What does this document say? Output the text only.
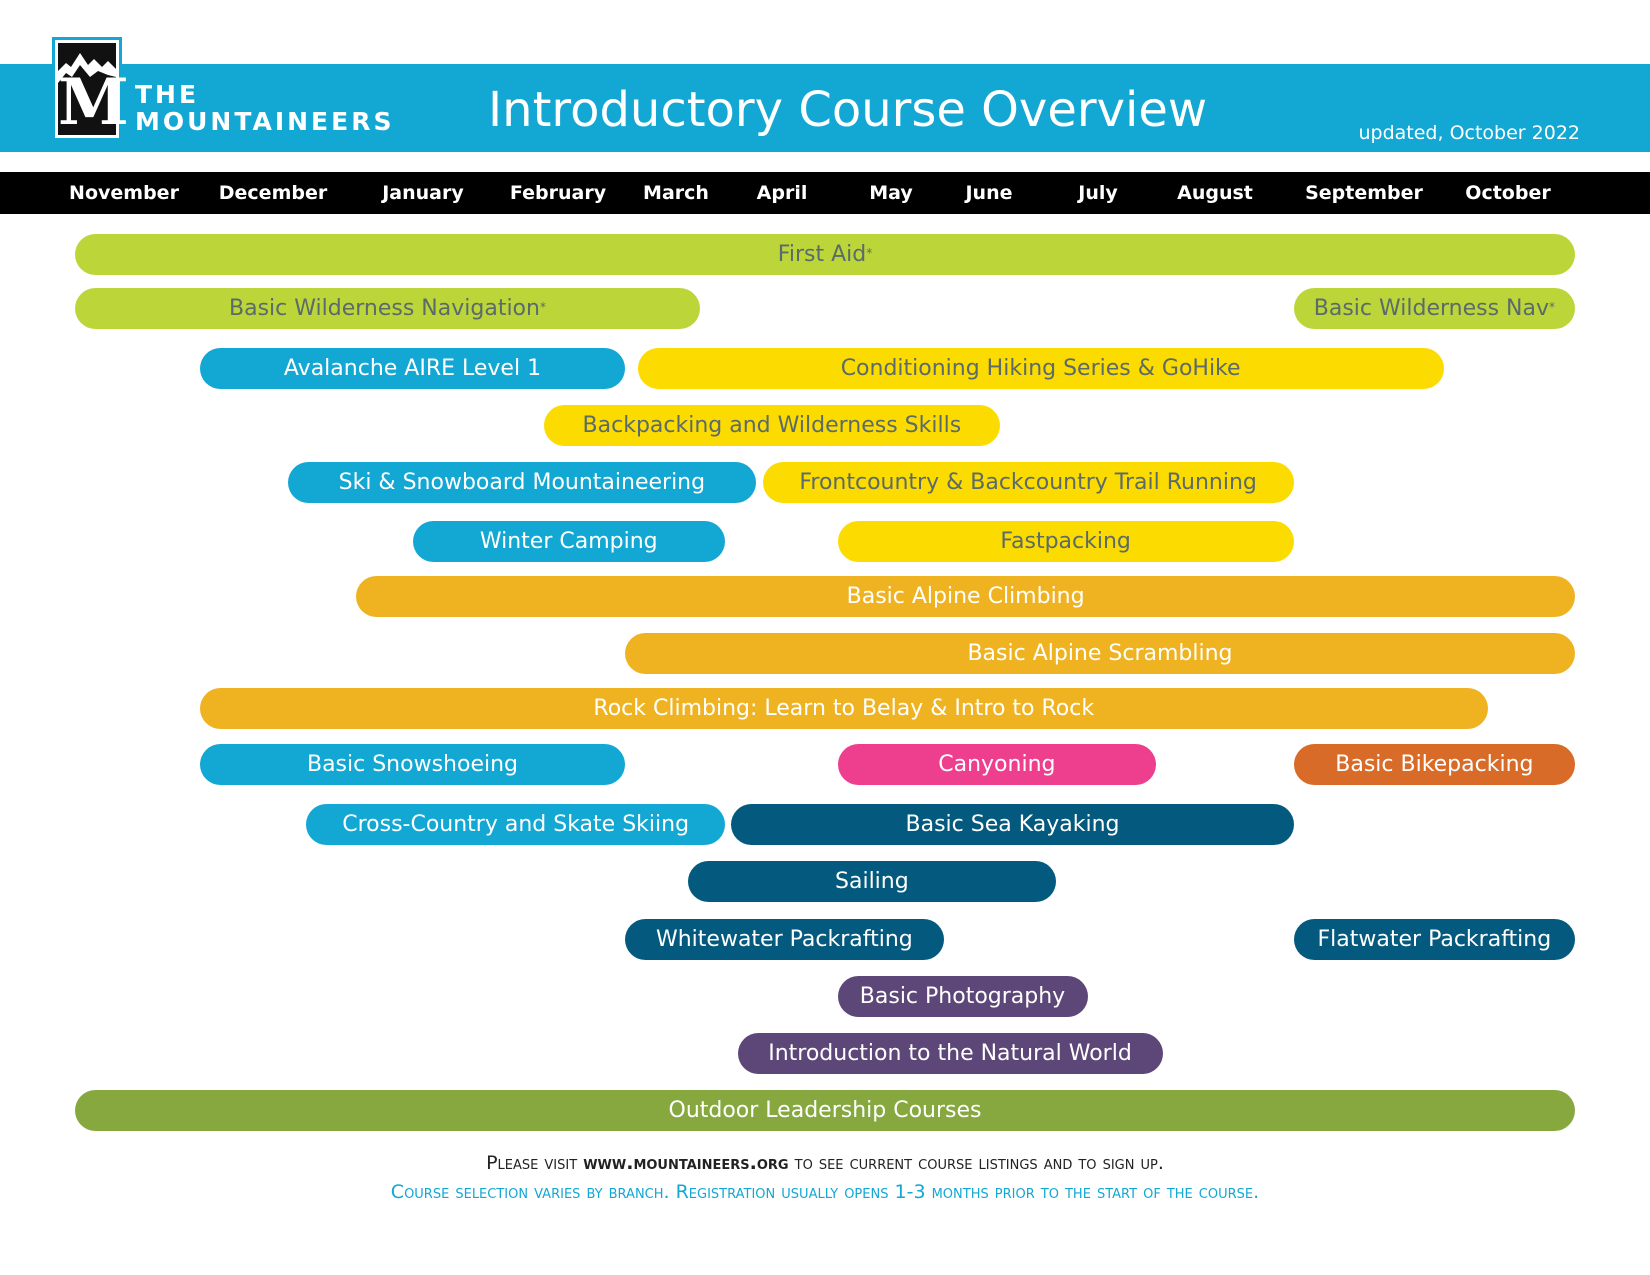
M THE
MOUNTAINEERS Introductory Course Overview	updated, October 2022
November December	January February March	April	May	June	July	August	September October
First Aid*
Basic Wilderness Navigation*	Basic Wilderness Nav*
Avalanche AIRE Level 1	Conditioning Hiking Series & GoHike
Backpacking and Wilderness Skills
Ski & Snowboard Mountaineering	Frontcountry & Backcountry Trail Running
Winter Camping	Fastpacking
Basic Alpine Climbing
Basic Alpine Scrambling
Rock Climbing: Learn to Belay & Intro to Rock
Basic Snowshoeing	Canyoning	Basic Bikepacking
Cross-Country and Skate Skiing	Basic Sea Kayaking
Sailing
Whitewater Packrafting	Flatwater Packrafting
Basic Photography
Introduction to the Natural World
Outdoor Leadership Courses
Please visit www.mountaineers.org to see current course listings and to sign up.
Course selection varies by branch. Registration usually opens 1-3 months prior to the start of the course.
